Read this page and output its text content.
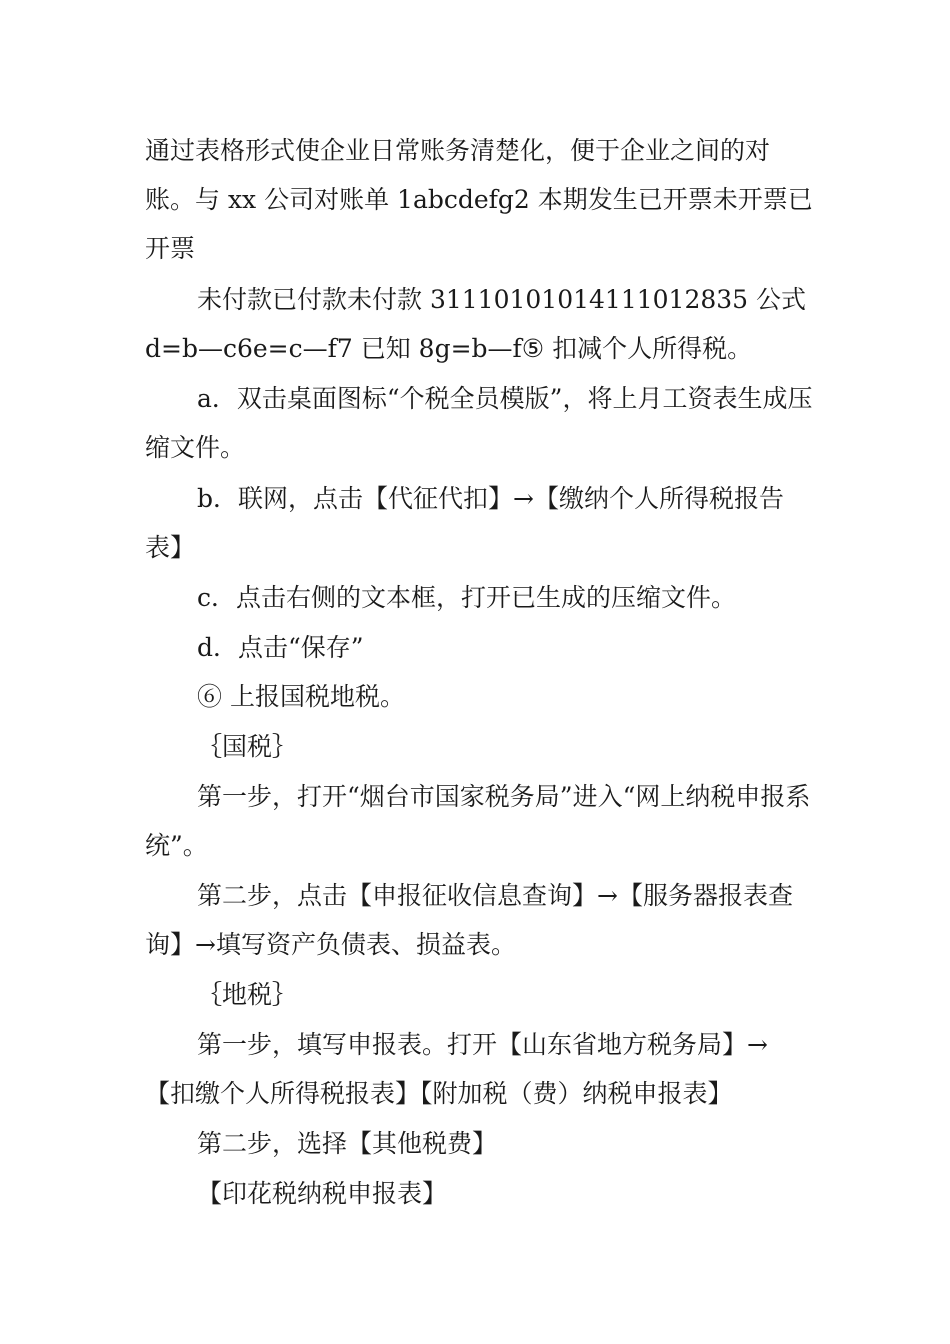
通过表格形式使企业日常账务清楚化，便于企业之间的对账。与 xx 公司对账单 1abcdefg2 本期发生已开票未开票已开票

未付款已付款未付款 31110101014111012835 公式 d=b—c6e=c—f7 已知 8g=b—f⑤ 扣减个人所得税。

a．双击桌面图标“个税全员模版”，将上月工资表生成压缩文件。

b．联网，点击【代征代扣】→【缴纳个人所得税报告表】

c．点击右侧的文本框，打开已生成的压缩文件。

d．点击“保存”

⑥ 上报国税地税。

｛国税｝

第一步，打开“烟台市国家税务局”进入“网上纳税申报系统”。

第二步，点击【申报征收信息查询】→【服务器报表查询】→填写资产负债表、损益表。

｛地税｝

第一步，填写申报表。打开【山东省地方税务局】→【扣缴个人所得税报表】【附加税（费）纳税申报表】

第二步，选择【其他税费】

【印花税纳税申报表】
